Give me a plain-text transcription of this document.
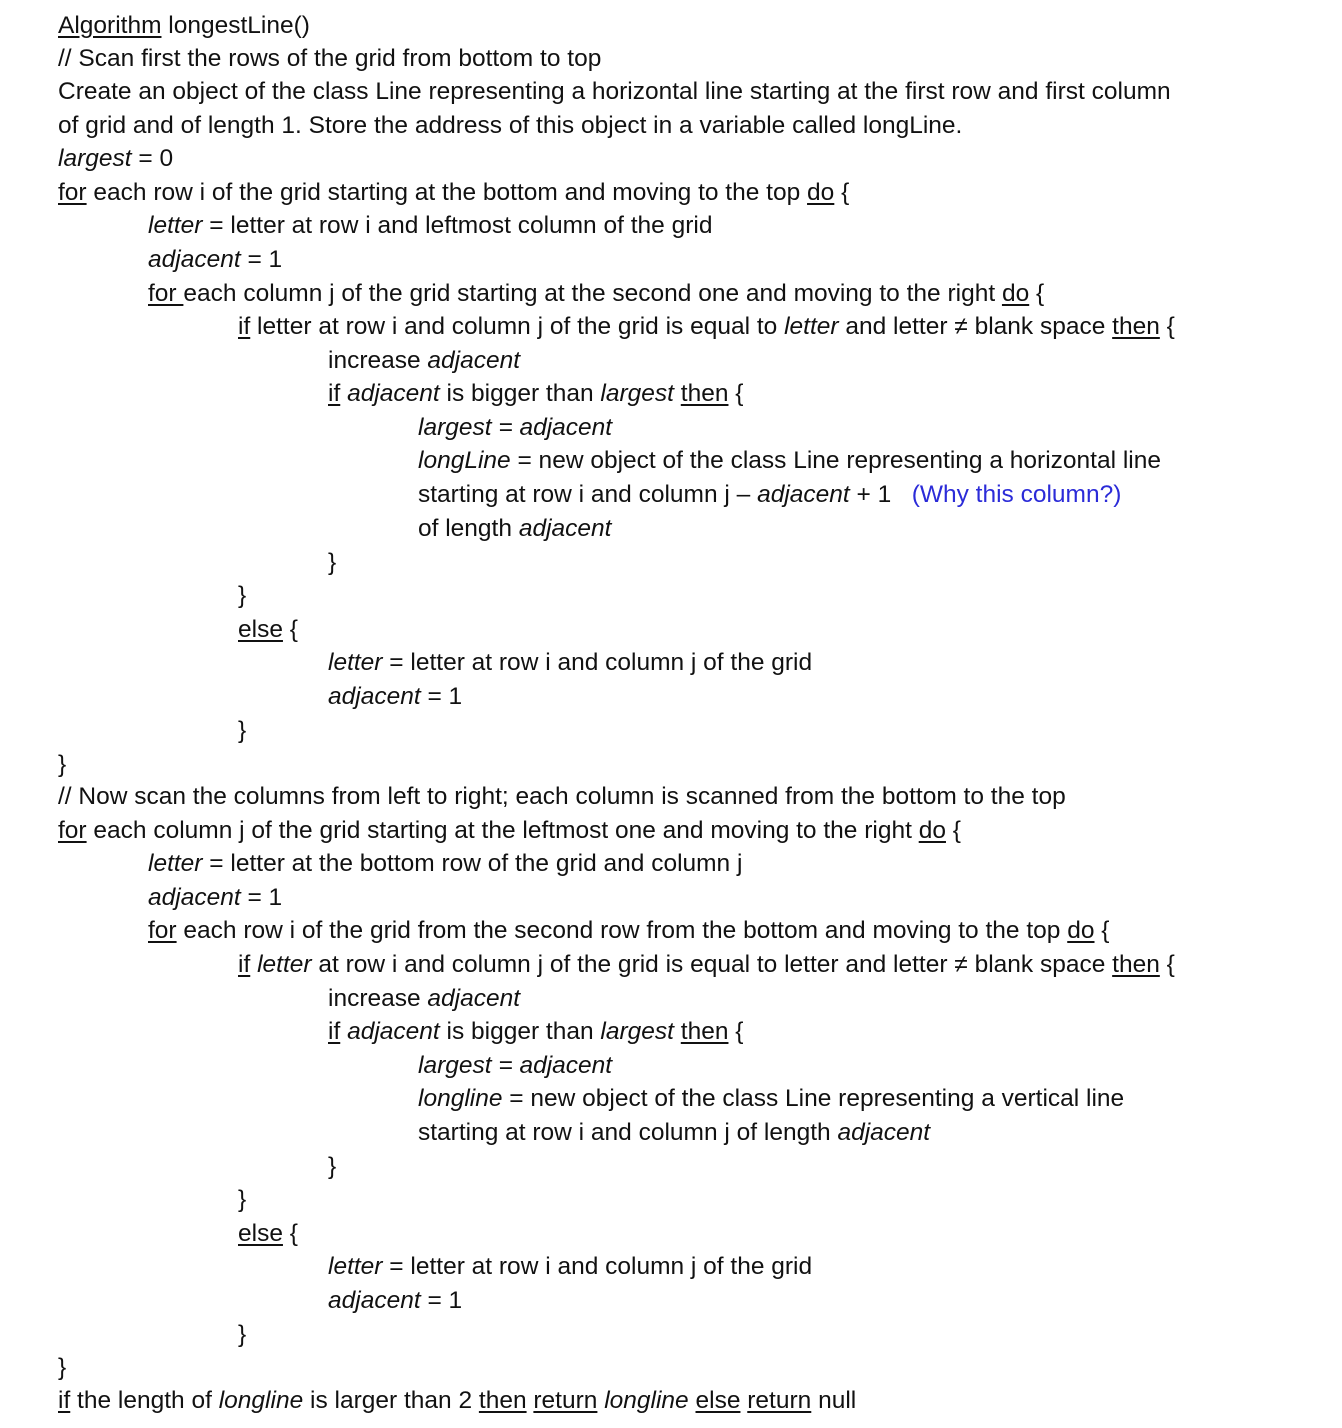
Algorithm longestLine()
// Scan first the rows of the grid from bottom to top
Create an object of the class Line representing a horizontal line starting at the first row and first column
of grid and of length 1. Store the address of this object in a variable called longLine.
largest = 0
for each row i of the grid starting at the bottom and moving to the top do {
letter = letter at row i and leftmost column of the grid
adjacent = 1
for each column j of the grid starting at the second one and moving to the right do {
if letter at row i and column j of the grid is equal to letter and letter ≠ blank space then {
increase adjacent
if adjacent is bigger than largest then {
largest = adjacent
longLine = new object of the class Line representing a horizontal line
starting at row i and column j – adjacent + 1   (Why this column?)
of length adjacent
}
}
else {
letter = letter at row i and column j of the grid
adjacent = 1
}
}
// Now scan the columns from left to right; each column is scanned from the bottom to the top
for each column j of the grid starting at the leftmost one and moving to the right do {
letter = letter at the bottom row of the grid and column j
adjacent = 1
for each row i of the grid from the second row from the bottom and moving to the top do {
if letter at row i and column j of the grid is equal to letter and letter ≠ blank space then {
increase adjacent
if adjacent is bigger than largest then {
largest = adjacent
longline = new object of the class Line representing a vertical line
starting at row i and column j of length adjacent
}
}
else {
letter = letter at row i and column j of the grid
adjacent = 1
}
}
if the length of longline is larger than 2 then return longline else return null
